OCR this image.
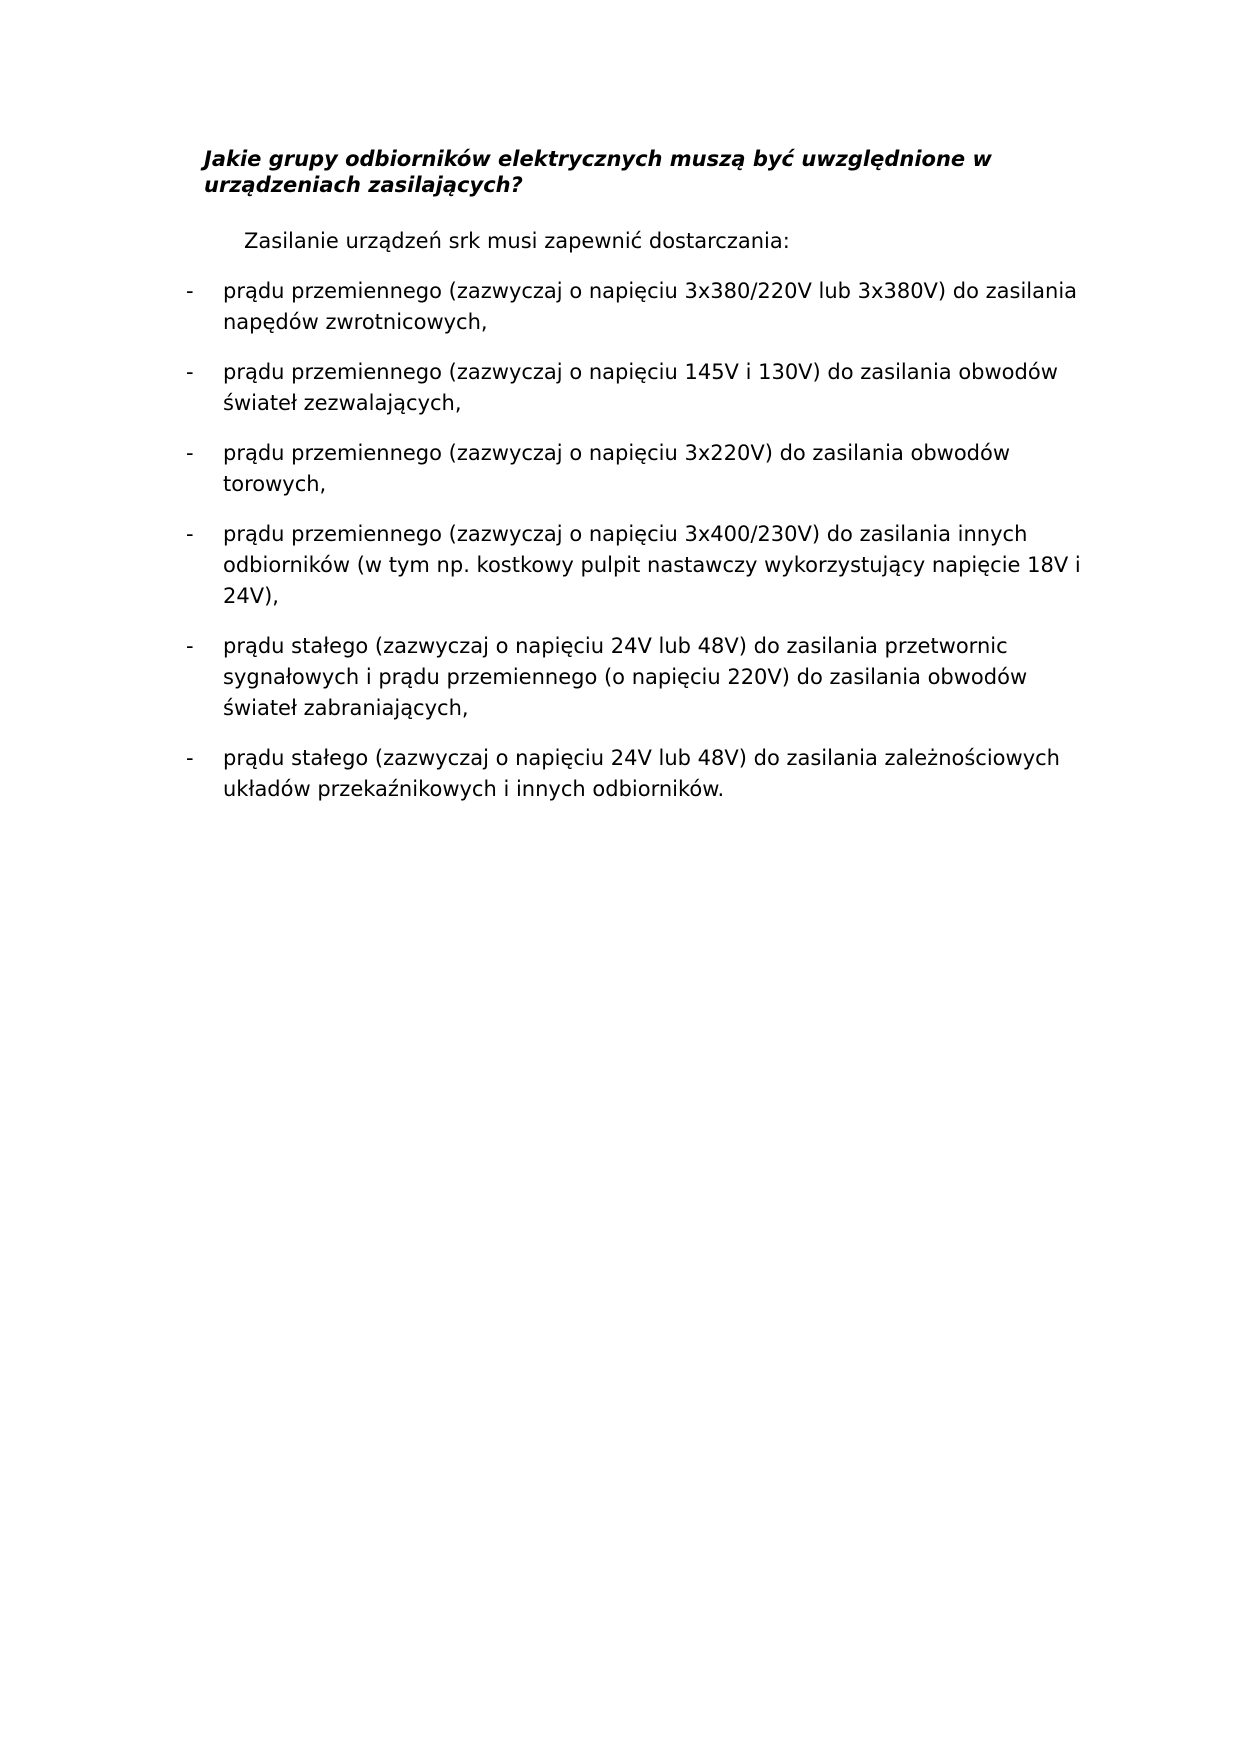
Jakie grupy odbiorników elektrycznych muszą być uwzględnione w urządzeniach zasilających?

Zasilanie urządzeń srk musi zapewnić dostarczania:

-	prądu przemiennego (zazwyczaj o napięciu 3x380/220V lub 3x380V) do zasilania napędów zwrotnicowych,
-	prądu przemiennego (zazwyczaj o napięciu 145V i 130V) do zasilania obwodów świateł zezwalających,
-	prądu przemiennego (zazwyczaj o napięciu 3x220V) do zasilania obwodów torowych,
-	prądu przemiennego (zazwyczaj o napięciu 3x400/230V) do zasilania innych odbiorników (w tym np. kostkowy pulpit nastawczy wykorzystujący napięcie 18V i 24V),
-	prądu stałego (zazwyczaj o napięciu 24V lub 48V) do zasilania przetwornic sygnałowych i prądu przemiennego (o napięciu 220V) do zasilania obwodów świateł zabraniających,
-	prądu stałego (zazwyczaj o napięciu 24V lub 48V) do zasilania zależnościowych układów przekaźnikowych i innych odbiorników.
